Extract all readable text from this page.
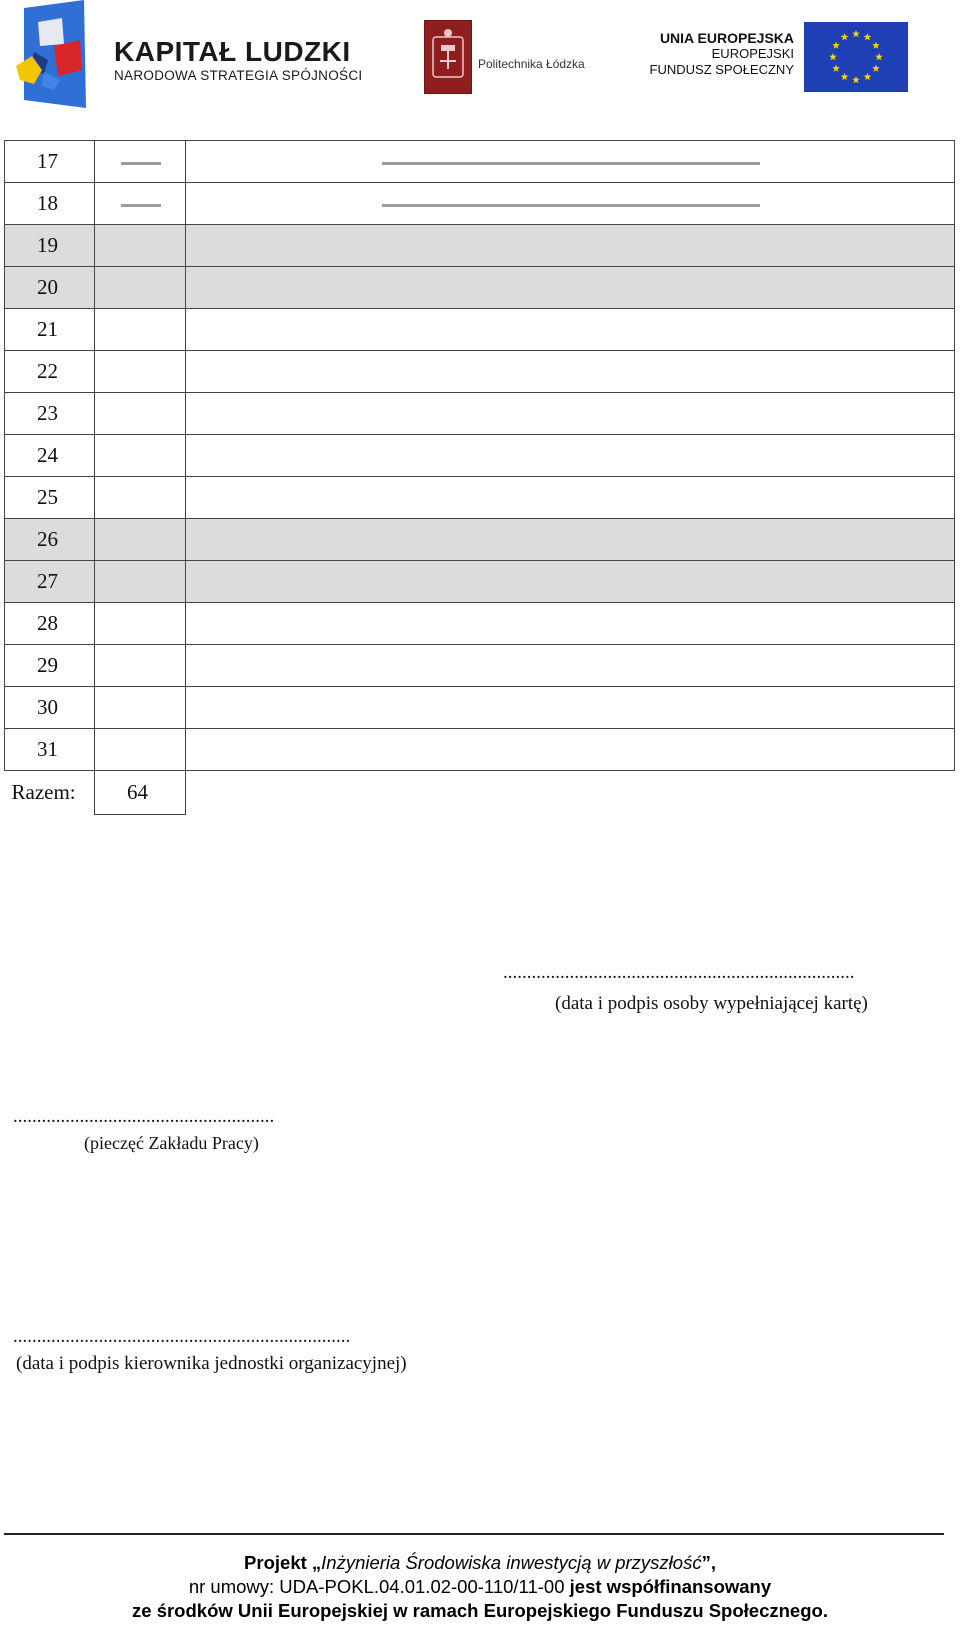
KAPITAŁ LUDZKI
NARODOWA STRATEGIA SPÓJNOŚCI
Politechnika Łódzka
UNIA EUROPEJSKA
EUROPEJSKI
FUNDUSZ SPOŁECZNY
17		
18		
19		
20		
21		
22		
23		
24		
25		
26		
27		
28		
29		
30		
31		
Razem:	64	
..........................................................................
(data i podpis osoby wypełniającej kartę)
.......................................................
(pieczęć Zakładu Pracy)
.......................................................................
(data i podpis kierownika jednostki organizacyjnej)
Projekt „Inżynieria Środowiska inwestycją w przyszłość”,
nr umowy: UDA-POKL.04.01.02-00-110/11-00 jest współfinansowany
ze środków Unii Europejskiej w ramach Europejskiego Funduszu Społecznego.
